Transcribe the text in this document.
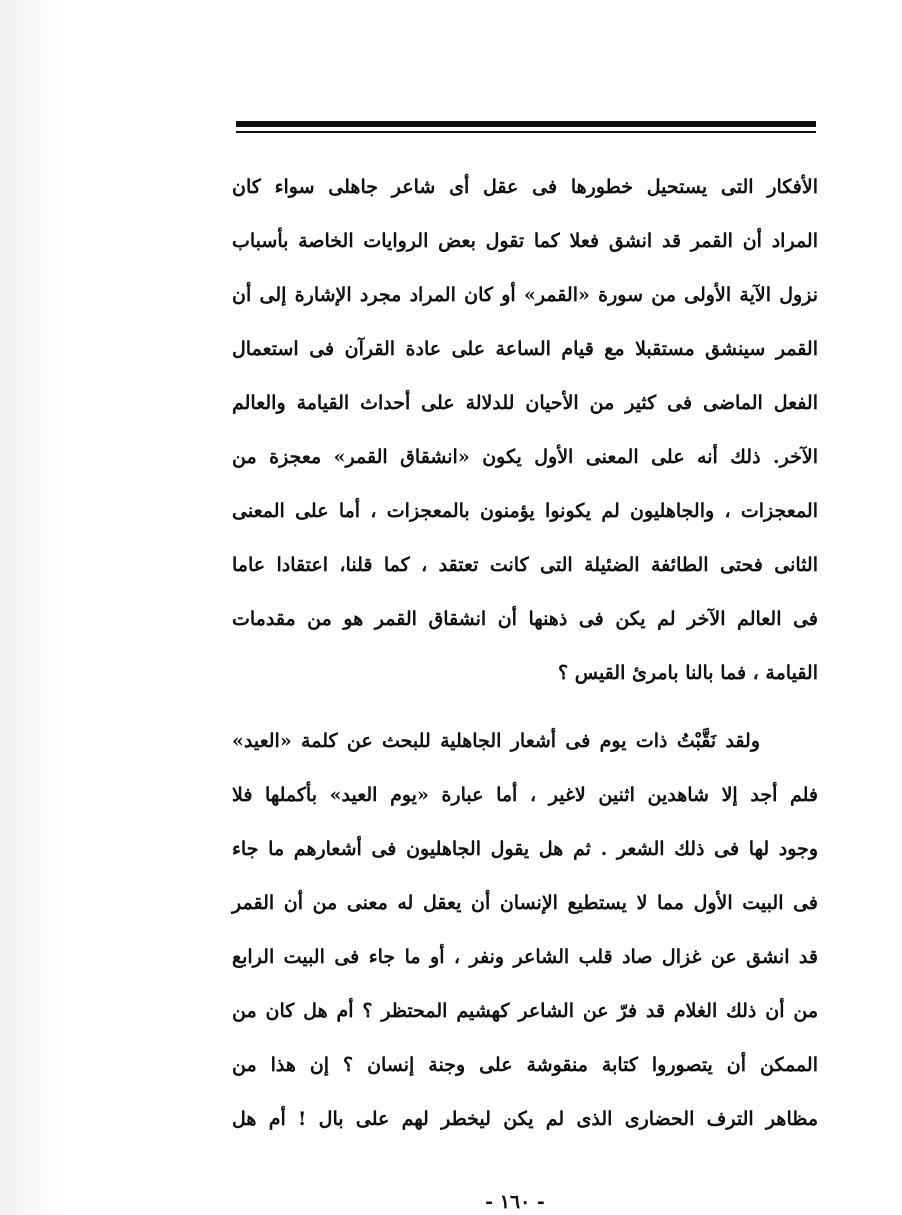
الأفكار التى يستحيل خطورها فى عقل أى شاعر جاهلى سواء كان
المراد أن القمر قد انشق فعلا كما تقول بعض الروايات الخاصة بأسباب
نزول الآية الأولى من سورة «القمر» أو كان المراد مجرد الإشارة إلى أن
القمر سينشق مستقبلا مع قيام الساعة على عادة القرآن فى استعمال
الفعل الماضى فى كثير من الأحيان للدلالة على أحداث القيامة والعالم
الآخر. ذلك أنه على المعنى الأول يكون «انشقاق القمر» معجزة من
المعجزات ، والجاهليون لم يكونوا يؤمنون بالمعجزات ، أما على المعنى
الثانى فحتى الطائفة الضئيلة التى كانت تعتقد ، كما قلنا، اعتقادا عاما
فى العالم الآخر لم يكن فى ذهنها أن انشقاق القمر هو من مقدمات
القيامة ، فما بالنا بامرئ القيس ؟
ولقد نَقَّبْتُ ذات يوم فى أشعار الجاهلية للبحث عن كلمة «العيد»
فلم أجد إلا شاهدين اثنين لاغير ، أما عبارة «يوم العيد» بأكملها فلا
وجود لها فى ذلك الشعر . ثم هل يقول الجاهليون فى أشعارهم ما جاء
فى البيت الأول مما لا يستطيع الإنسان أن يعقل له معنى من أن القمر
قد انشق عن غزال صاد قلب الشاعر ونفر ، أو ما جاء فى البيت الرابع
من أن ذلك الغلام قد فرّ عن الشاعر كهشيم المحتظر ؟ أم هل كان من
الممكن أن يتصوروا كتابة منقوشة على وجنة إنسان ؟ إن هذا من
مظاهر الترف الحضارى الذى لم يكن ليخطر لهم على بال ! أم هل
- ١٦٠ -
